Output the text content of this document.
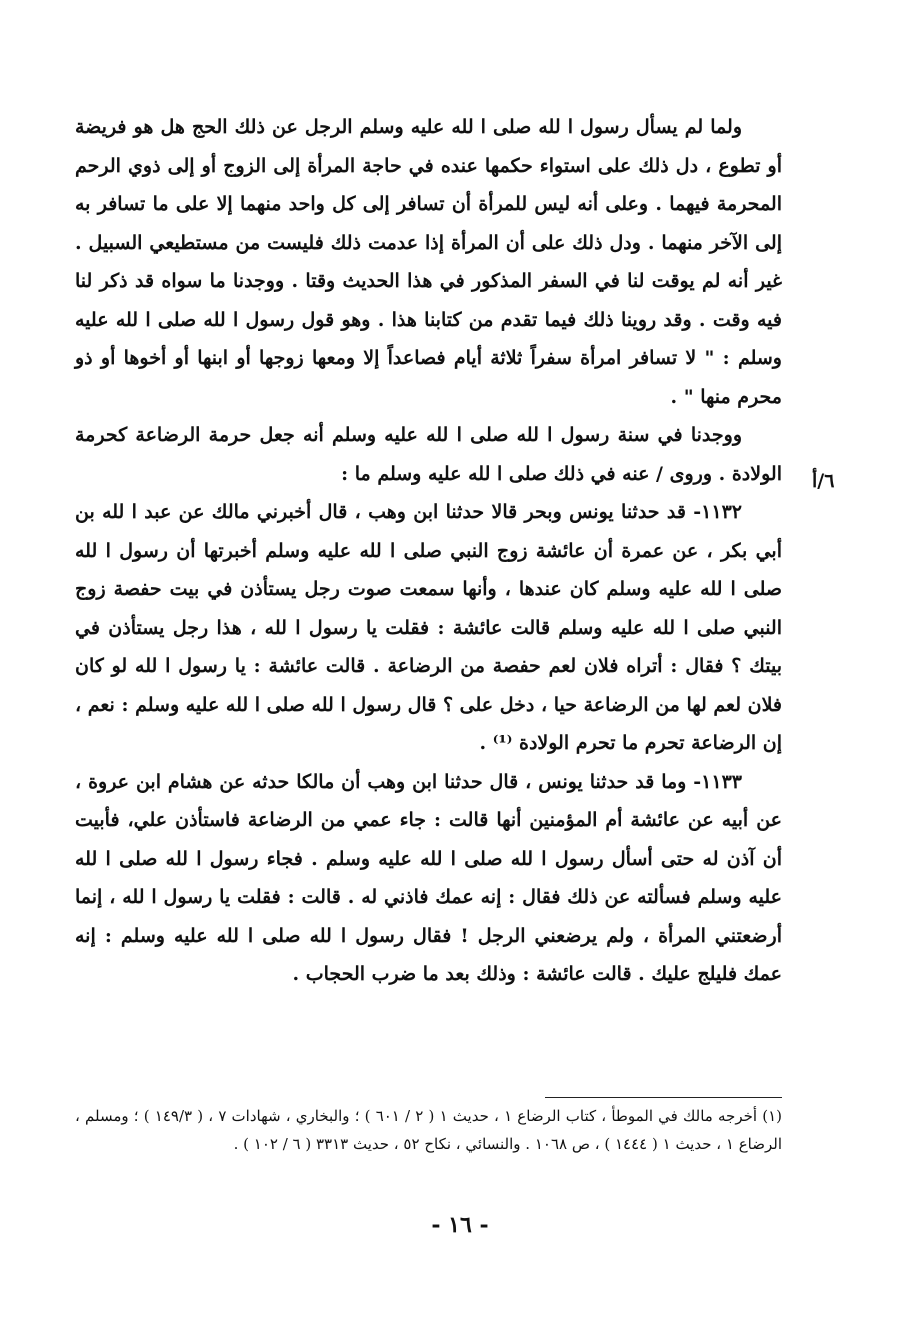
ولما لم يسأل رسول ا لله صلى ا لله عليه وسلم الرجل عن ذلك الحج هل هو فريضة أو تطوع ، دل ذلك على استواء حكمها عنده في حاجة المرأة إلى الزوج أو إلى ذوي الرحم المحرمة فيهما . وعلى أنه ليس للمرأة أن تسافر إلى كل واحد منهما إلا على ما تسافر به إلى الآخر منهما . ودل ذلك على أن المرأة إذا عدمت ذلك فليست من مستطيعي السبيل . غير أنه لم يوقت لنا في السفر المذكور في هذا الحديث وقتا . ووجدنا ما سواه قد ذكر لنا فيه وقت . وقد روينا ذلك فيما تقدم من كتابنا هذا . وهو قول رسول ا لله صلى ا لله عليه وسلم : " لا تسافر امرأة سفراً ثلاثة أيام فصاعداً إلا ومعها زوجها أو ابنها أو أخوها أو ذو محرم منها " .

ووجدنا في سنة رسول ا لله صلى ا لله عليه وسلم أنه جعل حرمة الرضاعة كحرمة الولادة . وروى / عنه في ذلك صلى ا لله عليه وسلم ما :

١١٣٢- قد حدثنا يونس وبحر قالا حدثنا ابن وهب ، قال أخبرني مالك عن عبد ا لله بن أبي بكر ، عن عمرة أن عائشة زوج النبي صلى ا لله عليه وسلم أخبرتها أن رسول ا لله صلى ا لله عليه وسلم كان عندها ، وأنها سمعت صوت رجل يستأذن في بيت حفصة زوج النبي صلى ا لله عليه وسلم قالت عائشة : فقلت يا رسول ا لله ، هذا رجل يستأذن في بيتك ؟ فقال : أتراه فلان لعم حفصة من الرضاعة . قالت عائشة : يا رسول ا لله لو كان فلان لعم لها من الرضاعة حيا ، دخل على ؟ قال رسول ا لله صلى ا لله عليه وسلم : نعم ، إن الرضاعة تحرم ما تحرم الولادة ⁽¹⁾ .

١١٣٣- وما قد حدثنا يونس ، قال حدثنا ابن وهب أن مالكا حدثه عن هشام ابن عروة ، عن أبيه عن عائشة أم المؤمنين أنها قالت : جاء عمي من الرضاعة فاستأذن علي، فأبيت أن آذن له حتى أسأل رسول ا لله صلى ا لله عليه وسلم . فجاء رسول ا لله صلى ا لله عليه وسلم فسألته عن ذلك فقال : إنه عمك فاذني له . قالت : فقلت يا رسول ا لله ، إنما أرضعتني المرأة ، ولم يرضعني الرجل ! فقال رسول ا لله صلى ا لله عليه وسلم : إنه عمك فليلج عليك . قالت عائشة : وذلك بعد ما ضرب الحجاب .

٦/أ

(١) أخرجه مالك في الموطأ ، كتاب الرضاع ١ ، حديث ١ ( ٢ / ٦٠١ ) ؛ والبخاري ، شهادات ٧ ، ( ١٤٩/٣ ) ؛ ومسلم ، الرضاع ١ ، حديث ١ ( ١٤٤٤ ) ، ص ١٠٦٨ . والنسائي ، نكاح ٥٢ ، حديث ٣٣١٣ ( ٦ / ١٠٢ ) .

- ١٦ -
